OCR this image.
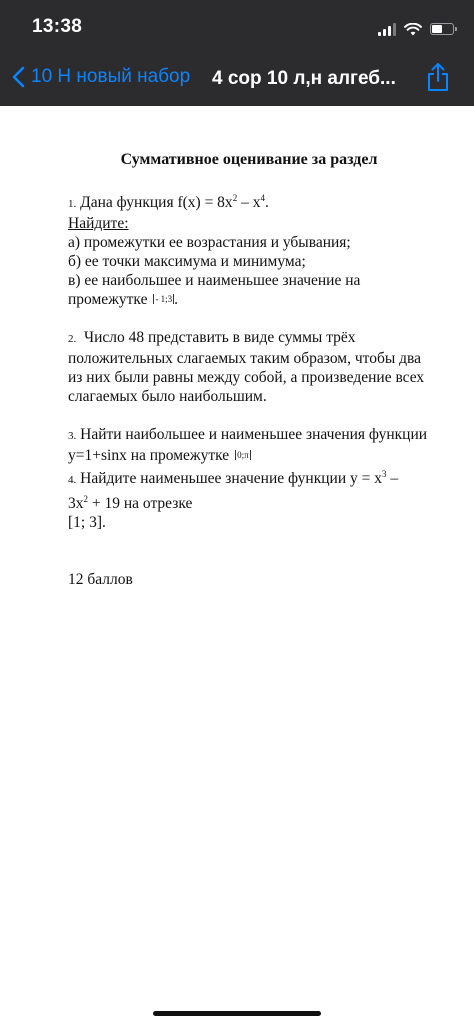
13:38
10 Н новый набор 4 сор 10 л,н алгеб...
Суммативное оценивание за раздел
1. Дана функция $f(x) = 8x^2 - x^4$.
Найдите:
а) промежутки ее возрастания и убывания;
б) ее точки максимума и минимума;
в) ее наибольшее и наименьшее значение на
промежутке - 1;3 .
2. Число 48 представить в виде суммы трёх
положительных слагаемых таким образом, чтобы два
из них были равны между собой, а произведение всех
слагаемых было наибольшим.
3. Найти наибольшее и наименьшее значения функции
y=1+sinx на промежутке 0;π
4. Найдите наименьшее значение функции $y = x^3$ –
$3x^2 + 19$ на отрезке
[1; 3].
12 баллов
